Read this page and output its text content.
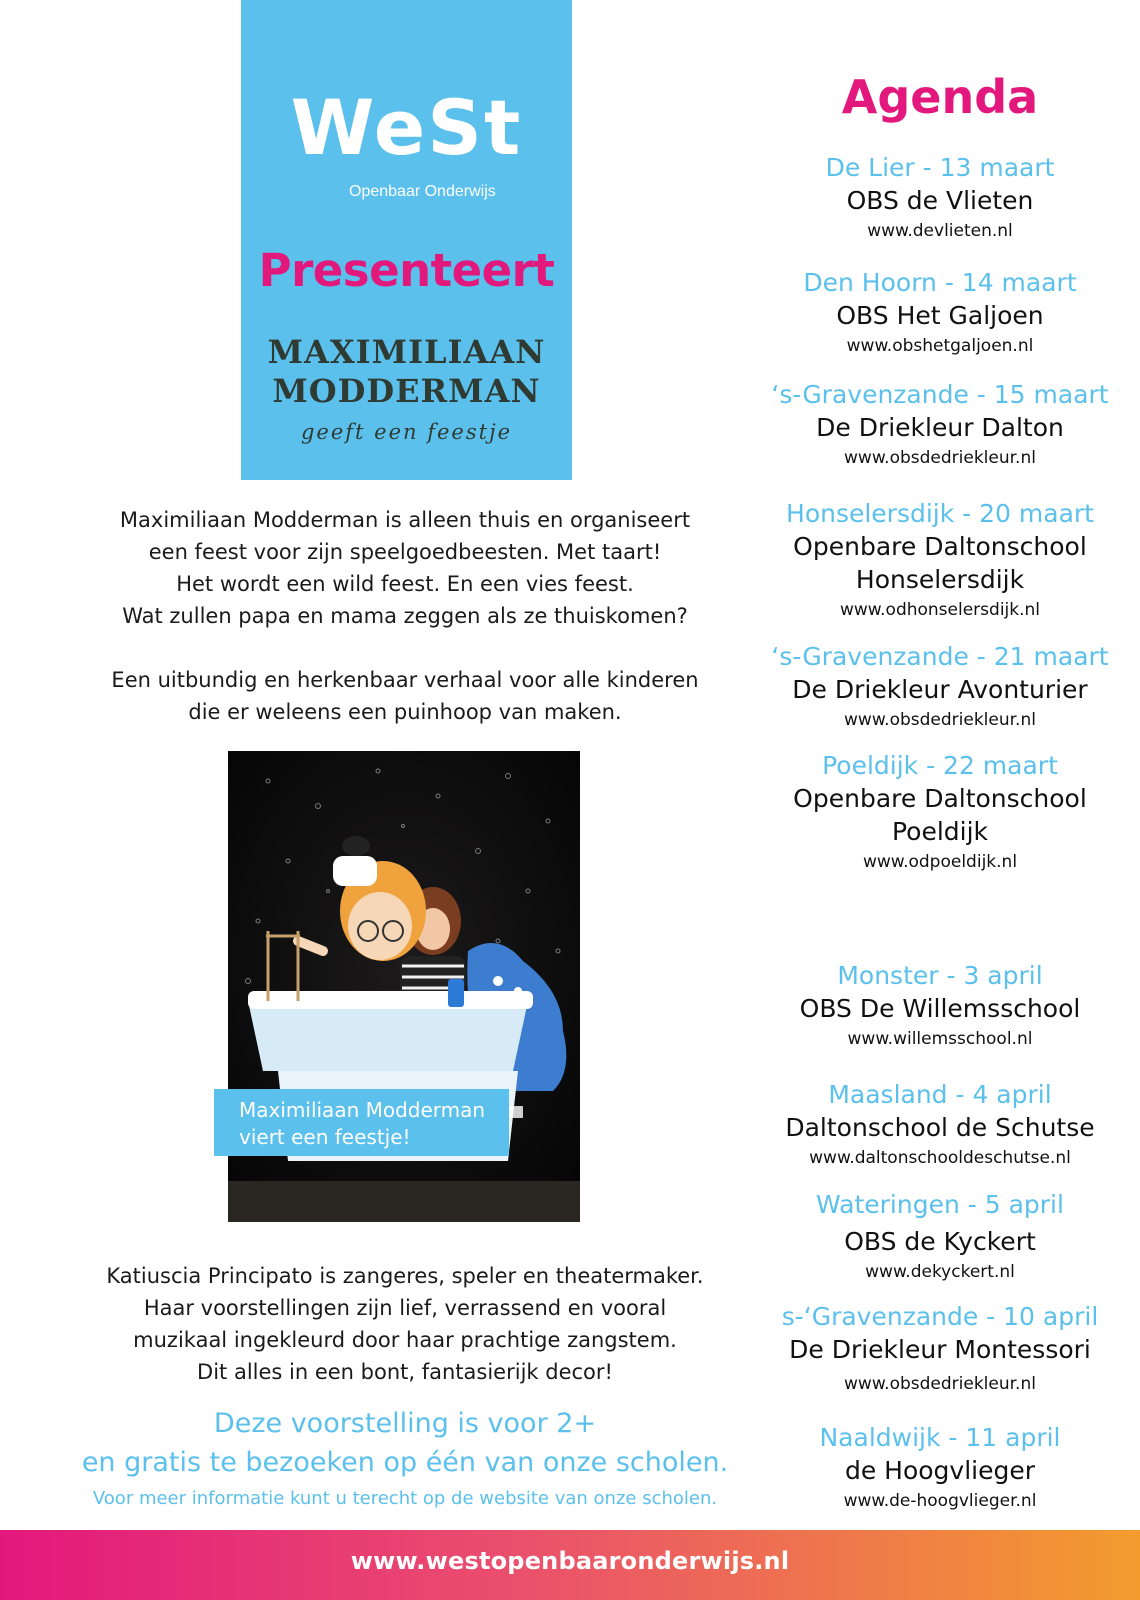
WeSt
Openbaar Onderwijs
Presenteert
MAXIMILIAAN
MODDERMAN
geeft een feestje

Maximiliaan Modderman is alleen thuis en organiseert
een feest voor zijn speelgoedbeesten. Met taart!
Het wordt een wild feest. En een vies feest.
Wat zullen papa en mama zeggen als ze thuiskomen?

Een uitbundig en herkenbaar verhaal voor alle kinderen
die er weleens een puinhoop van maken.

Maximiliaan Modderman
viert een feestje!
Katiuscia Principato is zangeres, speler en theatermaker.
Haar voorstellingen zijn lief, verrassend en vooral
muzikaal ingekleurd door haar prachtige zangstem.
Dit alles in een bont, fantasierijk decor!
Deze voorstelling is voor 2+
en gratis te bezoeken op één van onze scholen.
Voor meer informatie kunt u terecht op de website van onze scholen.
Agenda
De Lier - 13 maart
OBS de Vlieten
www.devlieten.nl
Den Hoorn - 14 maart
OBS Het Galjoen
www.obshetgaljoen.nl
‘s-Gravenzande - 15 maart
De Driekleur Dalton
www.obsdedriekleur.nl
Honselersdijk - 20 maart
Openbare Daltonschool
Honselersdijk
www.odhonselersdijk.nl
‘s-Gravenzande - 21 maart
De Driekleur Avonturier
www.obsdedriekleur.nl
Poeldijk - 22 maart
Openbare Daltonschool
Poeldijk
www.odpoeldijk.nl
Monster - 3 april
OBS De Willemsschool
www.willemsschool.nl
Maasland - 4 april
Daltonschool de Schutse
www.daltonschooldeschutse.nl
Wateringen - 5 april
OBS de Kyckert
www.dekyckert.nl
s-‘Gravenzande - 10 april
De Driekleur Montessori
www.obsdedriekleur.nl
Naaldwijk - 11 april
de Hoogvlieger
www.de-hoogvlieger.nl
www.westopenbaaronderwijs.nl
